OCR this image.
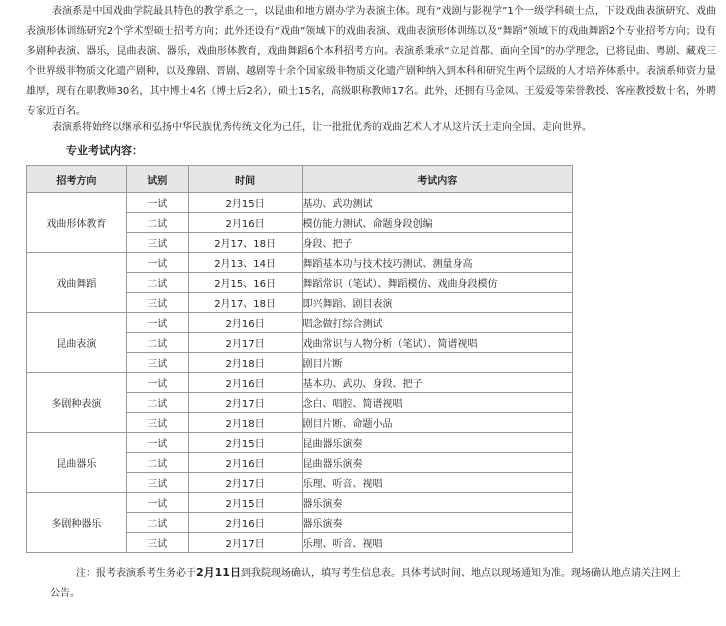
表演系是中国戏曲学院最具特色的教学系之一，以昆曲和地方剧办学为表演主体。现有“戏剧与影视学”1个一级学科硕士点，下设戏曲表演研究、戏曲表演形体训练研究2个学术型硕士招考方向；此外还设有“戏曲”领域下的戏曲表演、戏曲表演形体训练以及“舞蹈”领域下的戏曲舞蹈2个专业招考方向；设有多剧种表演、器乐，昆曲表演、器乐，戏曲形体教育，戏曲舞蹈6个本科招考方向。表演系秉承“立足首都、面向全国”的办学理念，已将昆曲、粤剧、藏戏三个世界级非物质文化遗产剧种，以及豫剧、晋剧、越剧等十余个国家级非物质文化遗产剧种纳入到本科和研究生两个层级的人才培养体系中。表演系师资力量雄厚，现有在职教师30名，其中博士4名（博士后2名），硕士15名，高级职称教师17名。此外，还拥有马金凤、王爱爱等荣誉教授、客座教授数十名，外聘专家近百名。

表演系将始终以继承和弘扬中华民族优秀传统文化为己任，让一批批优秀的戏曲艺术人才从这片沃土走向全国、走向世界。

专业考试内容：
招考方向	试别	时间	考试内容
戏曲形体教育	一试	2月15日	基功、武功测试
	二试	2月16日	模仿能力测试、命题身段创编
	三试	2月17、18日	身段、把子
戏曲舞蹈	一试	2月13、14日	舞蹈基本功与技术技巧测试、测量身高
	二试	2月15、16日	舞蹈常识（笔试）、舞蹈模仿、戏曲身段模仿
	三试	2月17、18日	即兴舞蹈、剧目表演
昆曲表演	一试	2月16日	唱念做打综合测试
	二试	2月17日	戏曲常识与人物分析（笔试）、简谱视唱
	三试	2月18日	剧目片断
多剧种表演	一试	2月16日	基本功、武功、身段、把子
	二试	2月17日	念白、唱腔、简谱视唱
	三试	2月18日	剧目片断、命题小品
昆曲器乐	一试	2月15日	昆曲器乐演奏
	二试	2月16日	昆曲器乐演奏
	三试	2月17日	乐理、听音、视唱
多剧种器乐	一试	2月15日	器乐演奏
	二试	2月16日	器乐演奏
	三试	2月17日	乐理、听音、视唱

注：报考表演系考生务必于2月11日到我院现场确认，填写考生信息表。具体考试时间、地点以现场通知为准。现场确认地点请关注网上公告。
